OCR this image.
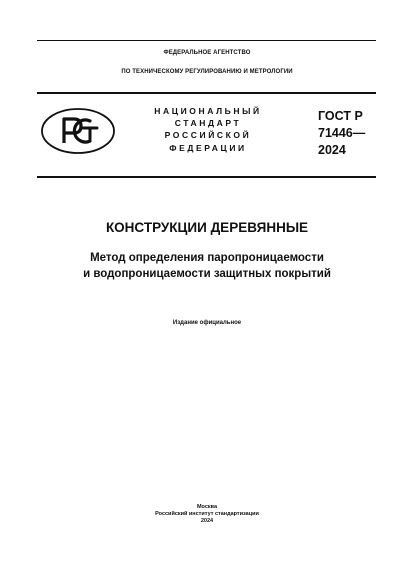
ФЕДЕРАЛЬНОЕ АГЕНТСТВО
ПО ТЕХНИЧЕСКОМУ РЕГУЛИРОВАНИЮ И МЕТРОЛОГИИ
НАЦИОНАЛЬНЫЙ
СТАНДАРТ
РОССИЙСКОЙ
ФЕДЕРАЦИИ
ГОСТ Р
71446—
2024
КОНСТРУКЦИИ ДЕРЕВЯННЫЕ
Метод определения паропроницаемости
и водопроницаемости защитных покрытий
Издание официальное
Москва
Российский институт стандартизации
2024
